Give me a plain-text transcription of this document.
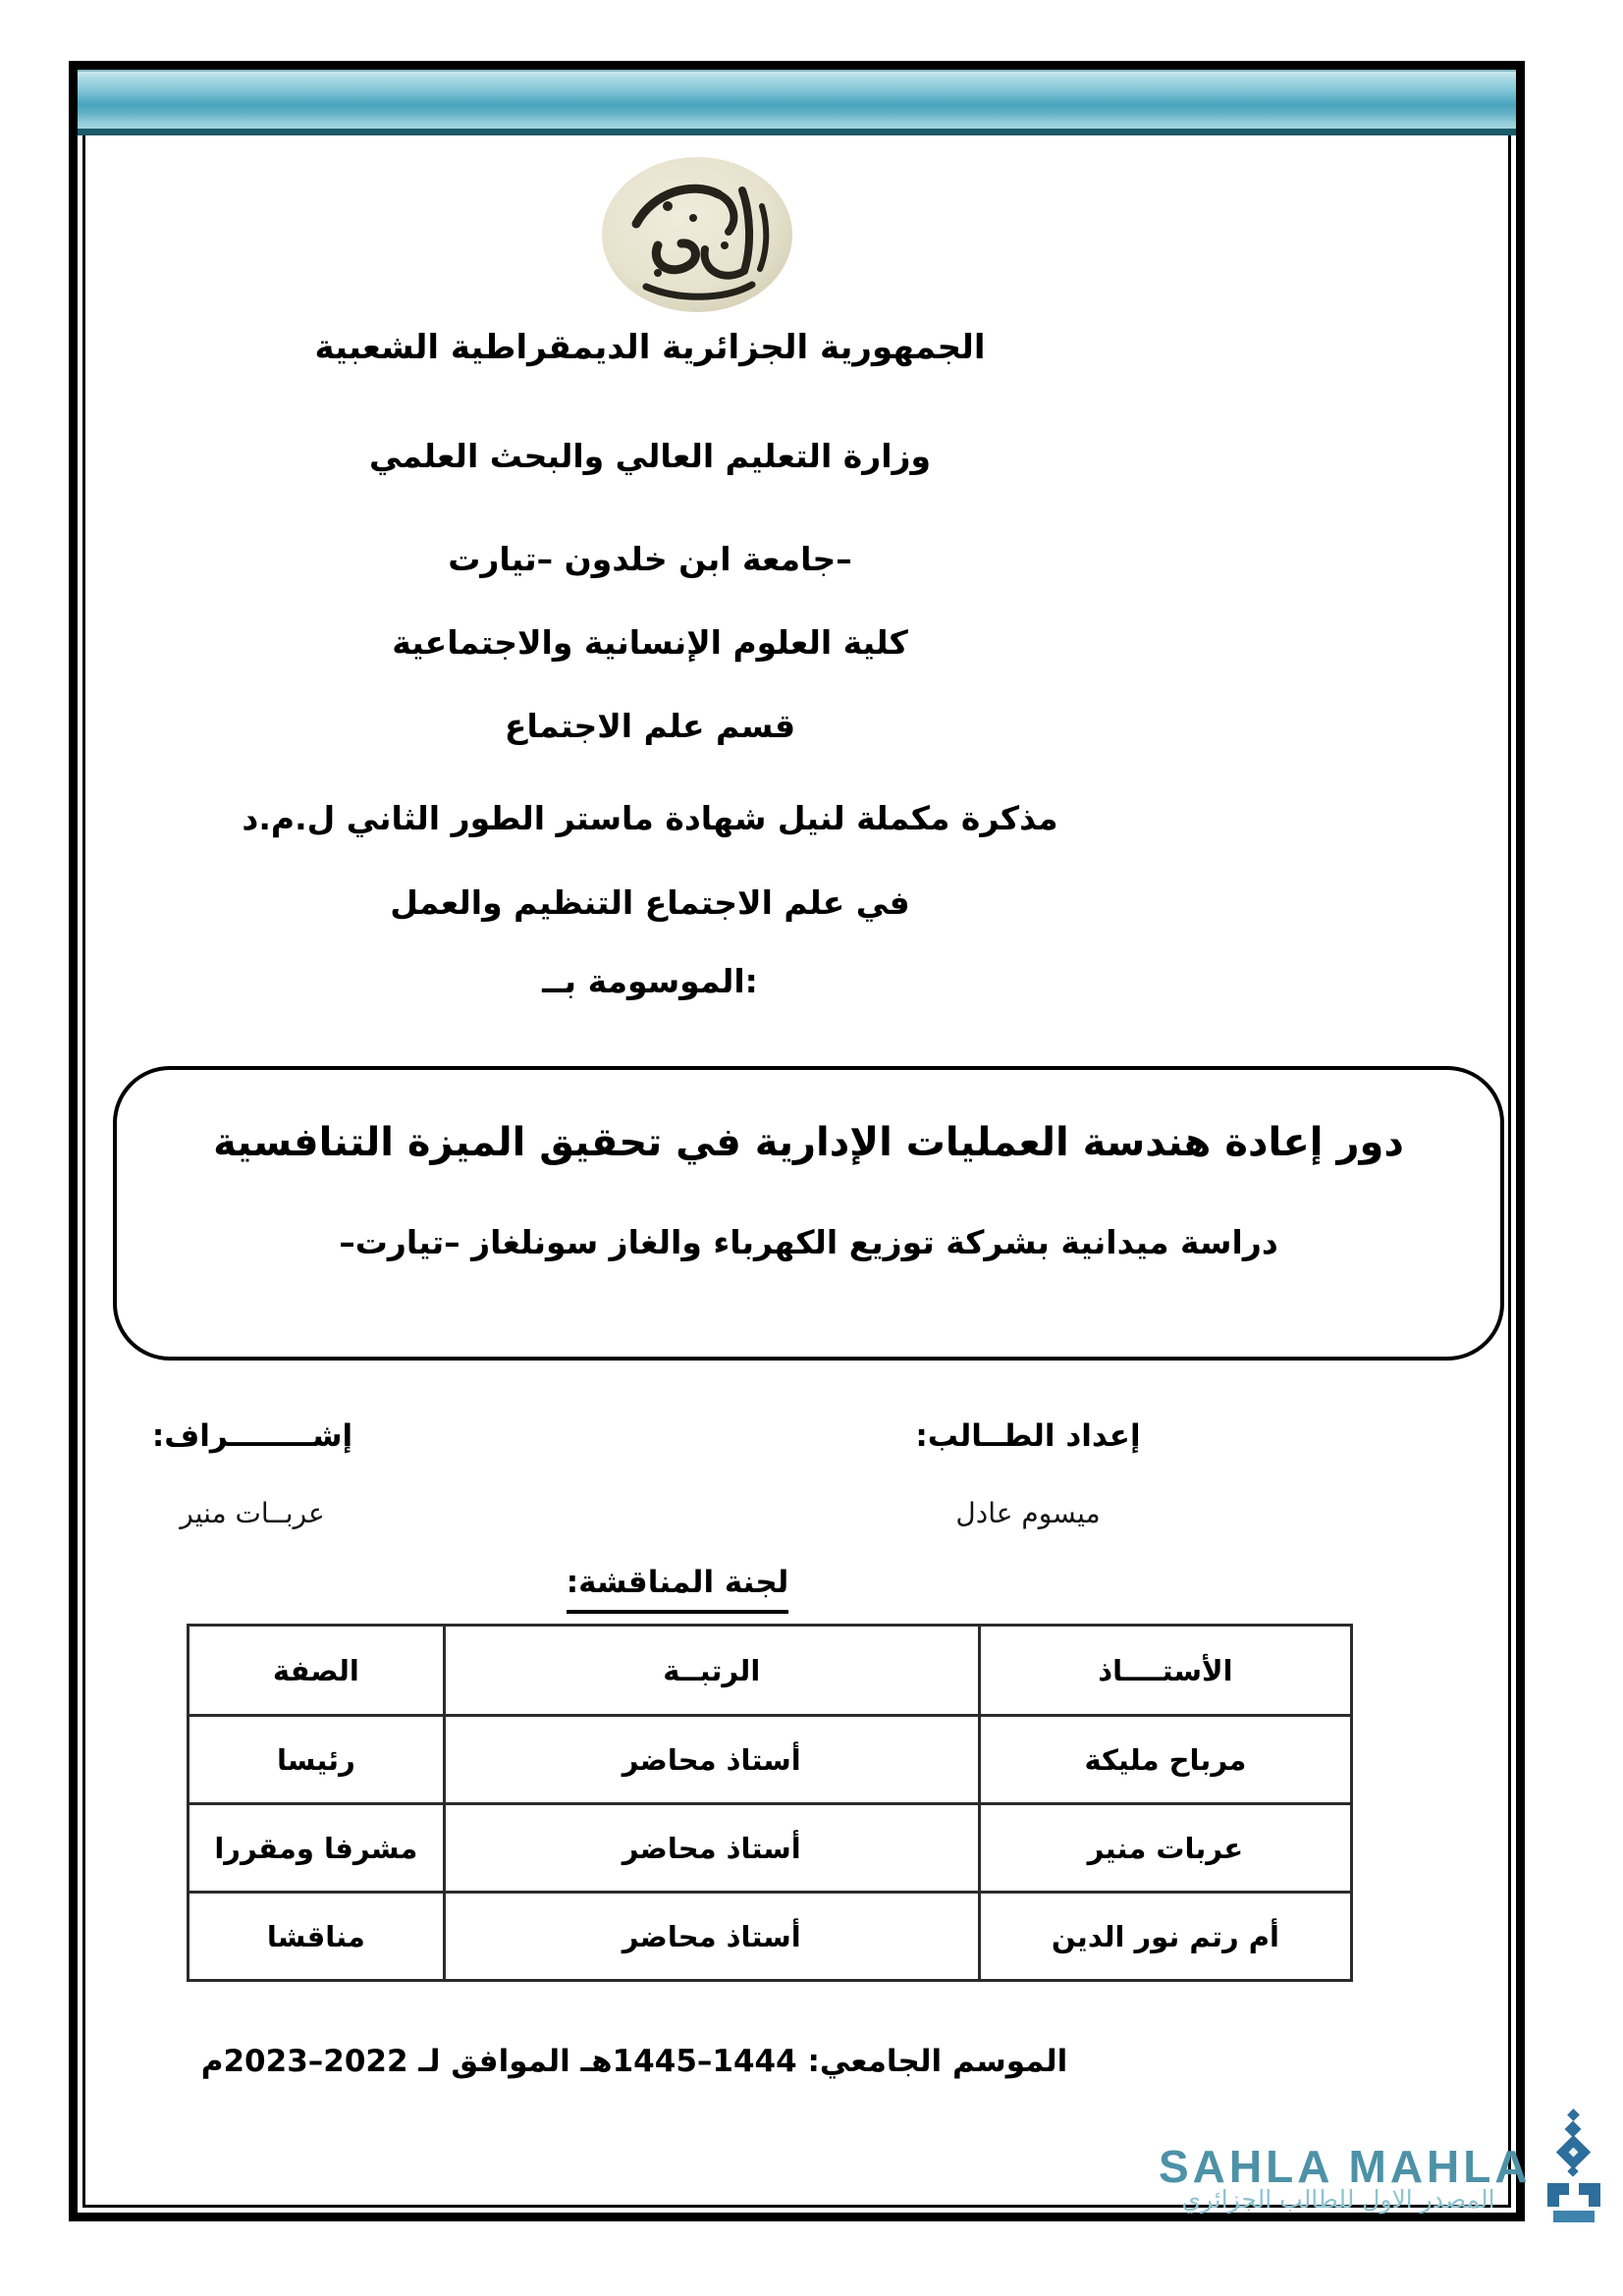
الجمهورية الجزائرية الديمقراطية الشعبية

وزارة التعليم العالي والبحث العلمي

جامعة ابن خلدون –تيارت–

كلية العلوم الإنسانية والاجتماعية

قسم علم الاجتماع

مذكرة مكملة لنيل شهادة ماستر الطور الثاني ل.م.د

في علم الاجتماع التنظيم والعمل

الموسومة بــ:

دور إعادة هندسة العمليات الإدارية في تحقيق الميزة التنافسية

دراسة ميدانية بشركة توزيع الكهرباء والغاز سونلغاز –تيارت–

إعداد الطــالب:

ميسوم عادل

إشــــــــراف:

عربــات منير

لجنة المناقشة:

الأستــــاذ	الرتبــة	الصفة
مرباح مليكة	أستاذ محاضر	رئيسا
عربات منير	أستاذ محاضر	مشرفا ومقررا
أم رتم نور الدين	أستاذ محاضر	مناقشا

الموسم الجامعي: 1444–1445هـ الموافق لـ 2022–2023م

SAHLA MAHLA

المصدر الاول للطالب الجزائري
